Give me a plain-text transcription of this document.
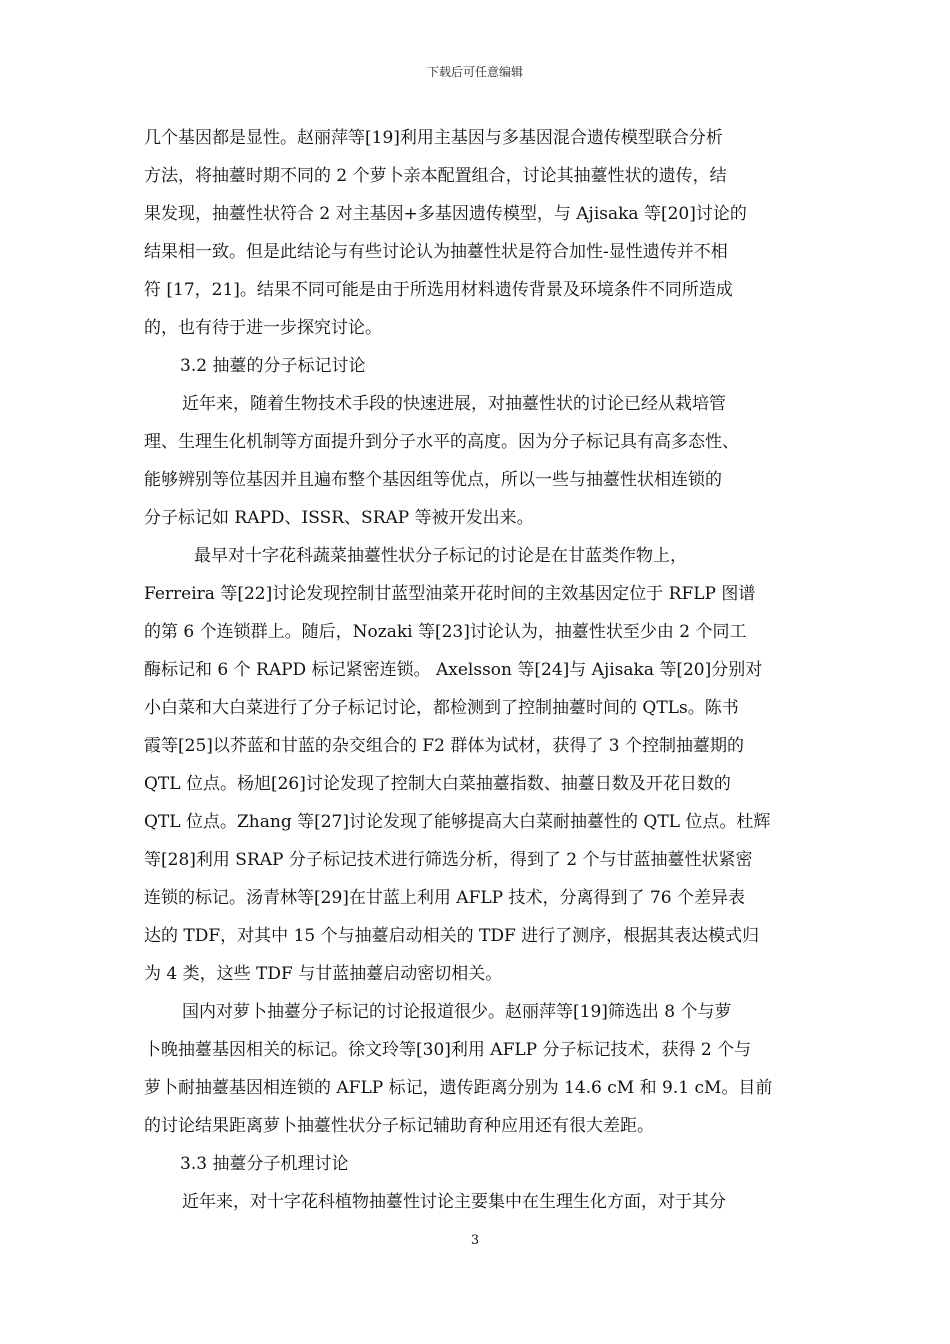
下载后可任意编辑
几个基因都是显性。赵丽萍等[19]利用主基因与多基因混合遗传模型联合分析
方法，将抽薹时期不同的 2 个萝卜亲本配置组合，讨论其抽薹性状的遗传，结
果发现，抽薹性状符合 2 对主基因+多基因遗传模型，与 Ajisaka 等[20]讨论的
结果相一致。但是此结论与有些讨论认为抽薹性状是符合加性-显性遗传并不相
符 [17，21]。结果不同可能是由于所选用材料遗传背景及环境条件不同所造成
的，也有待于进一步探究讨论。
3.2 抽薹的分子标记讨论
近年来，随着生物技术手段的快速进展，对抽薹性状的讨论已经从栽培管
理、生理生化机制等方面提升到分子水平的高度。因为分子标记具有高多态性、
能够辨别等位基因并且遍布整个基因组等优点，所以一些与抽薹性状相连锁的
分子标记如 RAPD、ISSR、SRAP 等被开发出来。
最早对十字花科蔬菜抽薹性状分子标记的讨论是在甘蓝类作物上，
Ferreira 等[22]讨论发现控制甘蓝型油菜开花时间的主效基因定位于 RFLP 图谱
的第 6 个连锁群上。随后，Nozaki 等[23]讨论认为，抽薹性状至少由 2 个同工
酶标记和 6 个 RAPD 标记紧密连锁。 Axelsson 等[24]与 Ajisaka 等[20]分别对
小白菜和大白菜进行了分子标记讨论，都检测到了控制抽薹时间的 QTLs。陈书
霞等[25]以芥蓝和甘蓝的杂交组合的 F2 群体为试材，获得了 3 个控制抽薹期的
QTL 位点。杨旭[26]讨论发现了控制大白菜抽薹指数、抽薹日数及开花日数的
QTL 位点。Zhang 等[27]讨论发现了能够提高大白菜耐抽薹性的 QTL 位点。杜辉
等[28]利用 SRAP 分子标记技术进行筛选分析，得到了 2 个与甘蓝抽薹性状紧密
连锁的标记。汤青林等[29]在甘蓝上利用 AFLP 技术，分离得到了 76 个差异表
达的 TDF，对其中 15 个与抽薹启动相关的 TDF 进行了测序，根据其表达模式归
为 4 类，这些 TDF 与甘蓝抽薹启动密切相关。
国内对萝卜抽薹分子标记的讨论报道很少。赵丽萍等[19]筛选出 8 个与萝
卜晚抽薹基因相关的标记。徐文玲等[30]利用 AFLP 分子标记技术，获得 2 个与
萝卜耐抽薹基因相连锁的 AFLP 标记，遗传距离分别为 14.6 cM 和 9.1 cM。目前
的讨论结果距离萝卜抽薹性状分子标记辅助育种应用还有很大差距。
3.3 抽薹分子机理讨论
近年来，对十字花科植物抽薹性讨论主要集中在生理生化方面，对于其分
3
